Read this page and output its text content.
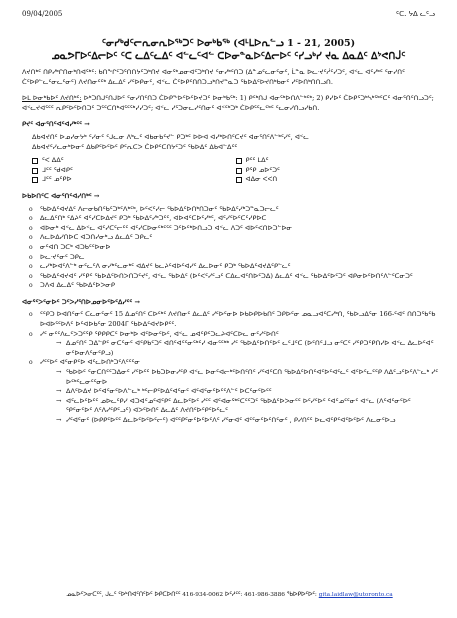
09/04/2005	ᑦᑕ. ᔭᐃ ᓚᑦᓗ
ᑦᓂᓯᒃᑯᑦᓕᕆᓂᕆᐅᖅᑐᑦ ᐅᓂᒃᑲᖅ (ᐊᒻᒪᐅᕆᓪᓗ 1 - 21, 2005)
ᓄᓇᕗᒥᐅᑦᐃᓕᐅᑦ ᑦᑕ ᓚᐃᑦᓚᐃᑦ ᐊᓪᓚᑦᐊᓪ ᑕᐅᓂᓐᓇᐅᑦᐃᓕᐅᑦ ᑦᓯᓗᒃᓯ ᔪᓇ ᐃᓇᐃᑦ ᐃᔾᕙᑎᒎᑦ

ᐱᔪᑎᒃᑦ ᑎᑭᓯᒃᒋᑎᓂᒃᑎᐊᕐᒃᑦ: ᑲᑎᖕᒋᑦᑐᕐᑎᑎᔭᑦᑐᒃᑎᔪ ᐊᓂᕐᒃᓄᓂᐊᑦᑐᒃᑎᔪ ᑦᓂᓯᒃᑦᑎᑐ (ᐃᓐᓄᑦᓚᓂᑦᓂᑦ, ᒫᓐᓇ ᐅᓚᐧᔪᑦᓲᑦᓯᑐᑦ, ᐊᑉᓚ ᐊᑦᓯᒃᑦ ᑦᓂᓯᑎᑦ ᑖᑦᐅᑭᓪᓚᑦᓂᓚᑦᓂᑦ) ᐱᔪᑎᓂᑦᑦᒃ ᐃᓚᐃᑦ ᓯᑦᐅᑭᓂᑦ, ᐊᑉᓚ ᑖᑦᐅᑭᑦᑎᑎᑐᓗᒃᑎᔪᓐᓇᑐ ᖃᐅᐃᑦᐅᔪᑎᒃᑲᓂᑦ ᓯᑦᐅᑎᒃᑎᑎᓗᑎ.

ᐅᒪ ᐅᓂᒃᑲᐅᑦ ᐱᔪᑎᒃᑦ: ᐅᒃᑐᑎᒍᑦᑎᒍᐅᑦ ᑦᓂᓯᑎᑦᑎᑐ ᑖᐅᑭᖕᐅᑦᐅᑦᐅᔪᑐᑦ ᐅᓂᒃᑲᖅ: 1) ᑭᑦᒃᑎᒍ ᐊᓂᕐᒃᐅᑎᐱᓪᒃᑦᒃ; 2) ᑭᓯᐅᑦ ᑖᐅᑭᕐᑐᒃᓴᒃᕐᒃᑦᑕᑦ ᐊᓂᕐᑎᑦᑎᓗᑐᑦ; ᐊᑉᓚᔪᐊᕐᑦᑦ ᕆᑭᑦᐅᑦᐅᑎᑐᑦ ᑐᕐᑦᑕᑎᒃᐊᕐᑦᕐᒃᓯᓯᑐᑦ; ᐊᑉᓚ ᓯᕐᑐᓂᓚᓯᑦᑎᓂᑦ ᐊᑉᑦᒃᑐᒃ ᑖᐅᑭᕐᑦᓚᑦᒃᑦ ᑦᓚᓂᓯᑎᓗᓯᑲᑎ.

ᑭᔪᑦ ᐊᓂᕐᑎᑦᐊᑦᐊᓯᒃᑦᑦ →
ᐃᑲᐊᔪᑎᑦ ᐅᓄᓯᓂᔭᒃ ᑦᓯᓂᑦ ᑦᒍᓚᓂ ᐱᒃᓚᑦ ᐊᑲᓂᑲᑦᔪᓪ ᑭᑐᒃᑦ ᐅᐅᐊ ᐊᓯᒃᐅᑎᑦᑕᔪᑦ ᐊᓂᕐᑎᑦᐱᓪᒃᑦᓯᑦ, ᐊᑉᓚ
ᐃᑲᐊᔪᑦᓯᓚᓂᒃᐅᓂᑦ ᐃᑲᑭᑦᐅᑦᐅᑦ ᑭᑦᕆᑕᐳ ᑖᐅᑭᑦᑕᑎᔭᑦᑐᑦ ᖃᐅᐃᑦ ᐃᑲᐊᓪᐃᑦᑦ
ᑦᐸ ᐃᐃᑦ
ᒧᑦᑦ ᖁᐊᑭᑦ
ᒧᑦᑦ ᓄᑦᑭᐅ
ᑭᑦᑦ ᒪᐃᑦ
ᑭᕿ ᓄᐅᑦᑐᑦ
ᐊᐃᓂ ᐸᐸᑎ
ᐅᑲᐅᑎᑦᑕ ᐊᓂᕐᑎᑦᐊᓯᑎᒃᑦ →
o ᖃᐅᐃᑦᐊᔪᐃᑦ ᐱᓕᓂᑲᑎᑦᑲᑦᑐᒃᑦᐱᒃᑦᒃ, ᐅᑦᐸᑦᓯᓕ ᖃᐅᐃᑦᐅᑎᒃᑎᑐᓂᑦ ᖃᐅᐃᑦᓯᒃᑐᓐᓇᑐᓕᓚᑦ
o ᐃᓚᐃᑦᑎᒃ ᑦᐃᔨᑦ ᐊᑦᓯᑕᐅᐃᔪᑦ ᑭᑐᒃ ᖃᐅᐃᑦᓯᒃᑐᑦᑦ, ᐊᐅᐊᑦᑕᐅᑦᓯᒃᑦ, ᐊᑦᓯᑦᐅᑦᑕᑦᓯᑭᐅᑕ
o ᐊᐅᓂᒃ ᐊᑉᓚ ᐃᐅᑉᓚ ᐊᑦᓯᑕᑦᓕᑦᑦ ᐊᑦᓯᑕᐅᓂᑦᒃᑦᕐᑦ ᑐᑦᐅᑦᒃᐅᑎᓗᑐ ᐊᑉᓚ ᐱᑐᑦ ᐊᐅᑦᐸᑎᐅᑐᓪᐅᓂ
o ᐱᓚᐅᐃᓯᑎᐅᑕ ᐊᑐᑎᓯᓂᒃᓗ ᐃᓚᐃᑦ ᑐᑭᓚᑦ
o ᓂᑦᐊᑎ ᑐᑕᒃ ᐊᑐᑲᑦᑦᐅᓂᐅ
o ᐅᓚᐧᔪᑦᓂᑦ ᑐᑭᓚ
o ᓚᓯᒃᐅᐊᑦᐱᓪᒃ ᓂᑦᓚᑦᐱ ᓂᓯᒃᑦᓚᓂᒃᑦ ᐊᐃᔪᑦ ᑲᓚᔨᑦᐊᐅᑦᐊᓯᑦ ᐃᓚᐅᓂᑦ ᑭᑐᒃ ᖃᐅᐃᑦᐊᔪᐃᑦᑭᓪᓚᑦ
o ᖃᐅᐃᑦᐊᔪᐊᑦ ᓯᑦᑭᑦ ᖃᐅᐃᑦᐅᑎᐳᑎᑐᑦᔪᑦ, ᐊᑉᓚ ᖃᐅᐃᑦ (ᐅᑦᐸᑦᓯᑦᓗᑦ ᑕᐃᓚᐊᑦᑎᐅᑦᑐᐃ) ᐃᓚᐃᑦ ᐊᑉᓚ ᖃᐅᐃᑦᐅᑦᑐᑦ ᐊᑭᓂᐅᑦᐅᑎᑦᐱᓪᑦᑕᓂᑐᑦ
o ᑐᐱᐊ ᐃᓚᐃᑦ ᖃᐅᐃᑦᐅᐳᓂᑭ
ᐊᓂᕐᑦᐳᑦᓂᐅᑦ ᑐᑦᐳᓯᕐᑎᐅᓄᓂᐅᑦᐅᑦᐃᓯᑦᑦ →
o ᑦᑦᑭᑐ ᐅᐊᑎᑦᓂᑦ ᑕᓚᓂᑦᓂᑦ 15 ᐃᓄᑦᑎᑦ ᑕᐅᑦᒃᑦ ᐱᔪᑎᓂᑦ ᐃᓚᐃᑦ ᓯᑦᐅᑦᓂᐅ ᐅᑲᐅᑭᐅᑲᑎᑦ ᑐᑭᐅᑦᓂ ᓄᓇᓗᐊᑦᑕᓯᒃᑎ, ᖃᐅᓗᐃᕐᓂ 166-ᑦᐊᑦ ᑎᑎᑐᖃᑦᑲ ᐅᐊᐅᕐᑦᐅᐱᑦ ᐅᑦᐊᐅᑲᑦᓂ 2004ᒥ ᖃᐅᐃᑦᐊᔪᐅᑭᑦᑦ.
o ᓯᑦ ᓂᑦᑦᐱᓚᑦᐳᑐᑦᕿ ᕿᑭᑭᑕᑦ ᐅᓂᒃᐅ ᐊᑦᐅᓂᑦᐅᑦ, ᐊᑉᓚ ᓄᐊᑦᑭᑦᑐᓚᔨᐊᑦᑕᐅᓚ ᓂᑦᓯᑦᐅᑎᑦ
→ ᐃᓄᑦᑎᑦ ᑐᐃᓪᑭᑦ ᓂᑕᑦᓂᑦ ᐊᑦᑭᑲᑦᑐᑦ ᐊᑎᑦᐊᑦᑦᓂᕐᒃᑦᓯ ᐊᓂᕐᑦᒃᒃ ᓯᑦ ᖃᐅᐃᑦᐅᑎᑦᐅᑦ ᓚᑦᒧᑦᑕ (ᐅᑦᑎᑦᒧᓗ ᓂᑦᑕᑦ ᓯᑦᑭᑐᑦᑭᑎᓯᐅ ᐊᑉᓚ ᐃᓚᐅᑦᐊᑦ ᓂᑦᐅᓂᐱᑦᓂᑦᑭᓗ)
o ᓯᑦᑦᐅᑦ ᐊᑦᓂᑭᑦᐅ ᐊᑦᓚᐅᑎᒃᑐᑦᐱᑦᑦᑦᓂ
→ ᖃᐅᐅᑦ ᑦᓂᑕᑎᑦᑦᑐᐃᓂᑦ ᓯᑦᐅᑦᑦ ᐅᑲᑐᐅᓂᓯᑦᑭ ᐊᑉᓚ ᐅᓂᑦᐊᓕᒃᑦᐅᑎᑦᑎᑦ ᓯᑦᐊᑦᑕᑎ ᖃᐅᐃᑦᐅᑎᑦᐊᑦᐅᑦᐊᑦᓚᑦ ᐊᑦᐅᑦᓚᑦᑦᑭ ᐱᐃᑦᓗᑦᐅᑦᐱᓪᓚᒃ ᓯᑦ ᐅᑦᒃᑦᓚᓂᑦᑦᓂᐅ
→ ᐃᐱᑦᐅᐃᔪ ᐅᑦᐊᑦᓂᑦᐅᐱᓪᓚᒃ ᒃᑦᓕᑭᑦᐅᐃᑦᐊᑦᓂᑦ ᐊᑦᐊᑦᓂᑦᐅᑦᑦᐱᓪᑦ ᐅᑕᑦᓂᑦᐅᑦᑦ
→ ᐊᑦᓚᐅᑦᐅᑦᑦ ᓄᐅᓚᑦᑭᓯ ᐊᑐᐊᑦᓄᑦᐊᑦᑭᑦ ᐃᓚᐅᑦᐅᑦ ᓯᑦᑦ ᐊᑦᐊᓂᕐᒃᑦᑕᑦᑦᑐᑦ ᖃᐅᐃᑦᐅᐳᓂᑦᑦ ᐅᑦᓯᑦᐅᑦ ᑦᐊᑦᓄᑦᑦᓂᑦ ᐊᑉᓚ (ᐱᑦᐊᑦᓂᑦᐅᑦ ᕿᑦᓂᑦᐅᑦ ᐱᑦᐱᓯᑦᑭᑦᓗᑦ) ᐊᐳᑦᐅᑎᑦ ᐃᓚᐃᑦ ᐱᔪᑎᑦᐅᑦᑭᑦᐅᑦᓚᑦ
→ ᓯᑦᐊᑦᓂᑦ (ᐅᑭᑭᑦᐅᑦᑦ ᐃᓚᐅᑦᐅᑦᐅᑦᓕᑦ) ᐊᑦᑦᑭᑦᓂᑦᐅᑦᐅᑦᐱᑦ ᓯᑦᓂᐊᑦ ᐊᑦᑦᓂᑦᐅᑦᑎᑦᓂᑦ , ᑭᓯᑎᑦᑦ ᐅᓚᐊᑦᑭᑦᐊᑦᐅᑦᐅᑦ ᐱᓚᓂᑦᐅᓗ
ᓄᓇᐅᑦᐳᓂᑕᑦᑦ, ᒍᓚᑦ ᑦᐅᒃᑎᐊᑦᑎᑦᐅᑦ ᐅᑭᑕᐅᑎᑦᑦ 416-934-0062 ᐅᑦᓱᑦᑦ: 461-986-3886 ᖃᐅᑭᐅᑦᐅᑦ: gita.laidlaw@utoronto.ca
